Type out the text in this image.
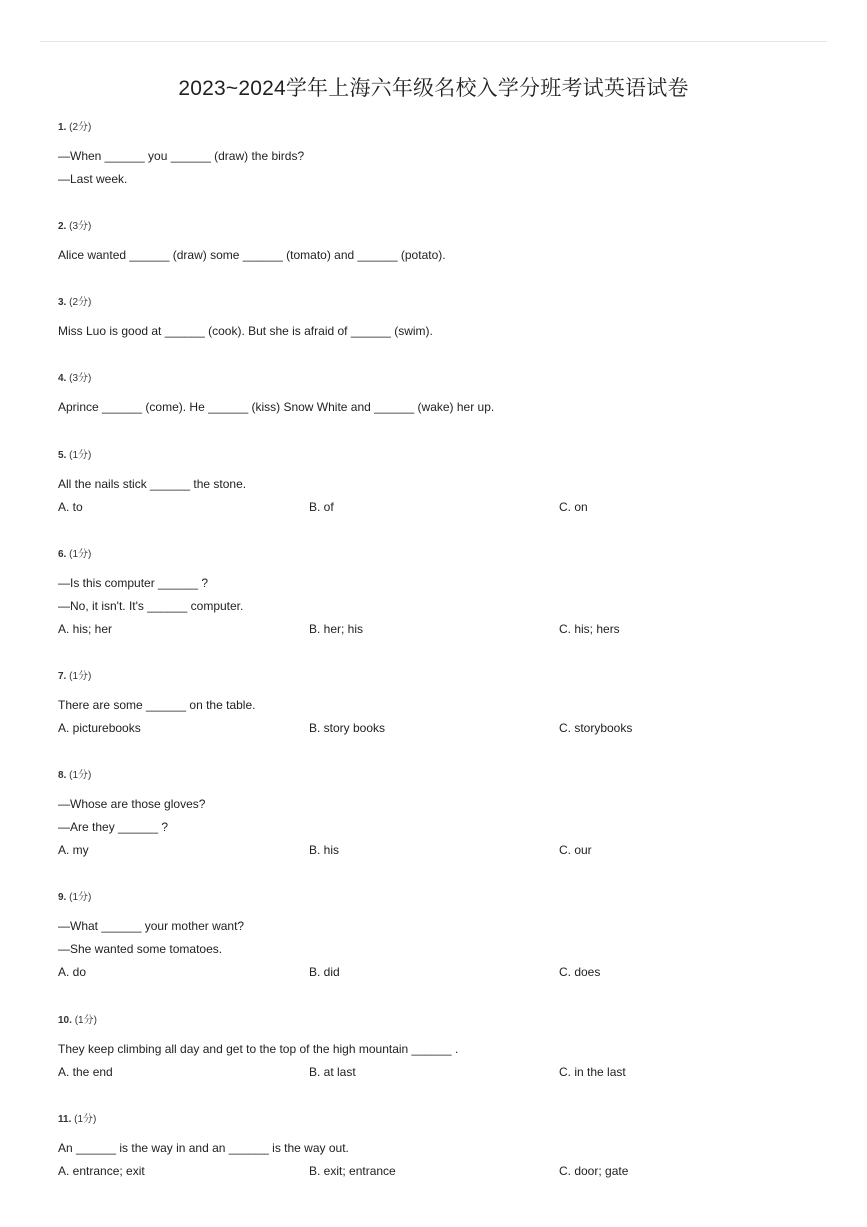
2023~2024学年上海六年级名校入学分班考试英语试卷
1. (2分)
—When ______ you ______ (draw) the birds?
—Last week.
2. (3分)
Alice wanted ______ (draw) some ______ (tomato) and ______ (potato).
3. (2分)
Miss Luo is good at ______ (cook). But she is afraid of ______ (swim).
4. (3分)
Aprince ______ (come). He ______ (kiss) Snow White and ______ (wake) her up.
5. (1分)
All the nails stick ______ the stone.
A. to	B. of	C. on
6. (1分)
—Is this computer ______ ?
—No, it isn't. It's ______ computer.
A. his; her	B. her; his	C. his; hers
7. (1分)
There are some ______ on the table.
A. picturebooks	B. story books	C. storybooks
8. (1分)
—Whose are those gloves?
—Are they ______ ?
A. my	B. his	C. our
9. (1分)
—What ______ your mother want?
—She wanted some tomatoes.
A. do	B. did	C. does
10. (1分)
They keep climbing all day and get to the top of the high mountain ______ .
A. the end	B. at last	C. in the last
11. (1分)
An ______ is the way in and an ______ is the way out.
A. entrance; exit	B. exit; entrance	C. door; gate
